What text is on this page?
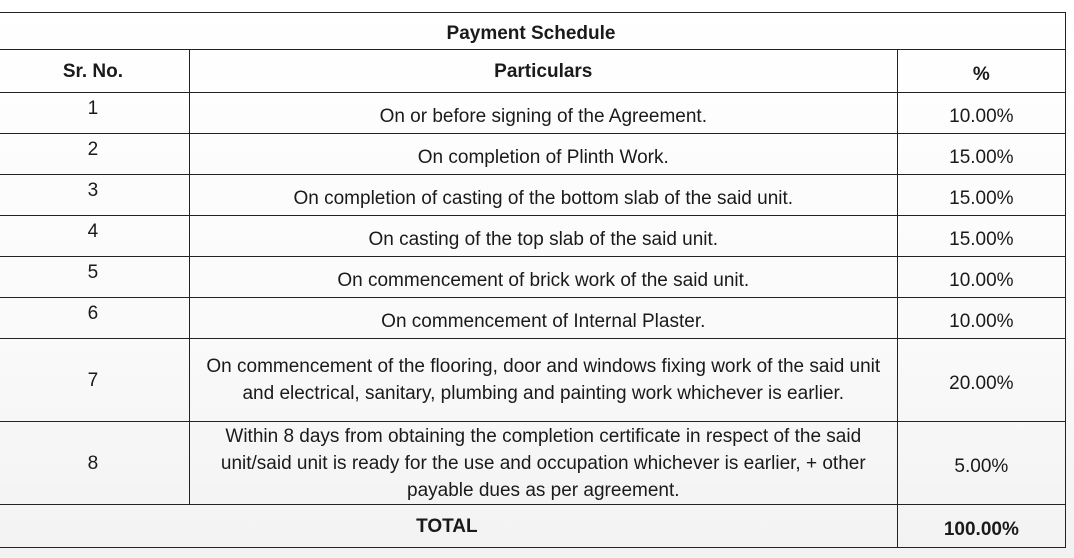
Payment Schedule		
Sr. No.	Particulars	%
1	On or before signing of the Agreement.	10.00%
2	On completion of Plinth Work.	15.00%
3	On completion of casting of the bottom slab of the said unit.	15.00%
4	On casting of the top slab of the said unit.	15.00%
5	On commencement of brick work of the said unit.	10.00%
6	On commencement of Internal Plaster.	10.00%
7	On commencement of the flooring, door and windows fixing work of the said unit and electrical, sanitary, plumbing and painting work whichever is earlier.	20.00%
8	Within 8 days from obtaining the completion certificate in respect of the said unit/said unit is ready for the use and occupation whichever is earlier, + other payable dues as per agreement.	5.00%
TOTAL		100.00%
